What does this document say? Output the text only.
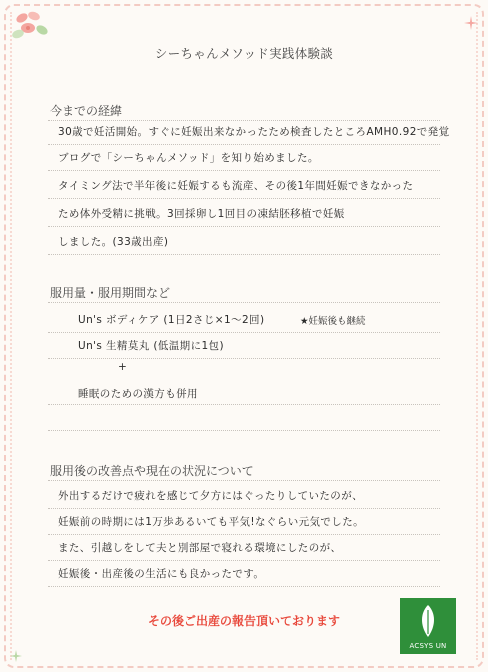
シーちゃんメソッド実践体験談
今までの経緯
30歳で妊活開始。すぐに妊娠出来なかったため検査したところAMH0.92で発覚
ブログで「シーちゃんメソッド」を知り始めました。
タイミング法で半年後に妊娠するも流産、その後1年間妊娠できなかった
ため体外受精に挑戦。3回採卵し1回目の凍結胚移植で妊娠
しました。(33歳出産)
服用量・服用期間など
Un's ボディケア (1日2さじ×1〜2回)	★妊娠後も継続
Un's 生精莫丸 (低温期に1包)
+
睡眠のための漢方も併用
服用後の改善点や現在の状況について
外出するだけで疲れを感じて夕方にはぐったりしていたのが、
妊娠前の時期には1万歩あるいても平気!なぐらい元気でした。
また、引越しをして夫と別部屋で寝れる環境にしたのが、
妊娠後・出産後の生活にも良かったです。
その後ご出産の報告頂いております
ACSYS UN
